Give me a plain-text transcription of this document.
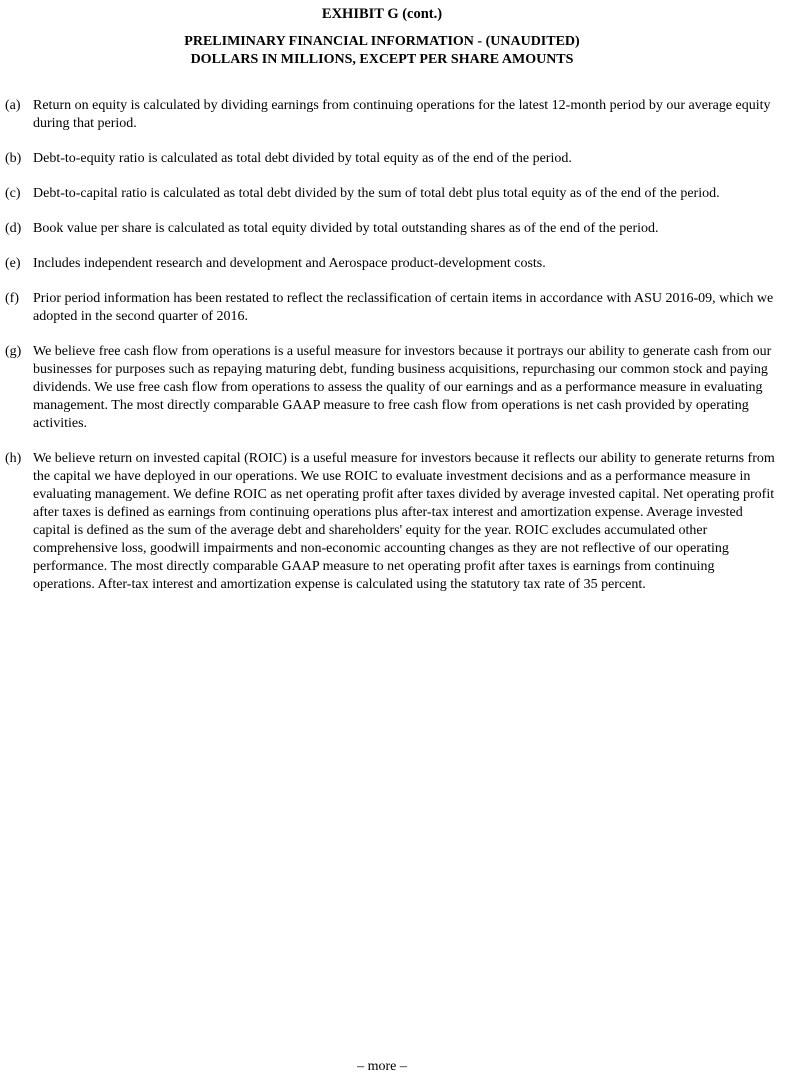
EXHIBIT G (cont.)
PRELIMINARY FINANCIAL INFORMATION - (UNAUDITED)
DOLLARS IN MILLIONS, EXCEPT PER SHARE AMOUNTS
(a) Return on equity is calculated by dividing earnings from continuing operations for the latest 12-month period by our average equity during that period.
(b) Debt-to-equity ratio is calculated as total debt divided by total equity as of the end of the period.
(c) Debt-to-capital ratio is calculated as total debt divided by the sum of total debt plus total equity as of the end of the period.
(d) Book value per share is calculated as total equity divided by total outstanding shares as of the end of the period.
(e) Includes independent research and development and Aerospace product-development costs.
(f)	Prior period information has been restated to reflect the reclassification of certain items in accordance with ASU 2016-09, which we adopted in the second quarter of 2016.
(g) We believe free cash flow from operations is a useful measure for investors because it portrays our ability to generate cash from our businesses for purposes such as repaying maturing debt, funding business acquisitions, repurchasing our common stock and paying dividends. We use free cash flow from operations to assess the quality of our earnings and as a performance measure in evaluating management. The most directly comparable GAAP measure to free cash flow from operations is net cash provided by operating activities.
(h) We believe return on invested capital (ROIC) is a useful measure for investors because it reflects our ability to generate returns from the capital we have deployed in our operations. We use ROIC to evaluate investment decisions and as a performance measure in evaluating management. We define ROIC as net operating profit after taxes divided by average invested capital. Net operating profit after taxes is defined as earnings from continuing operations plus after-tax interest and amortization expense. Average invested capital is defined as the sum of the average debt and shareholders' equity for the year. ROIC excludes accumulated other comprehensive loss, goodwill impairments and non-economic accounting changes as they are not reflective of our operating performance. The most directly comparable GAAP measure to net operating profit after taxes is earnings from continuing operations. After-tax interest and amortization expense is calculated using the statutory tax rate of 35 percent.
– more –
